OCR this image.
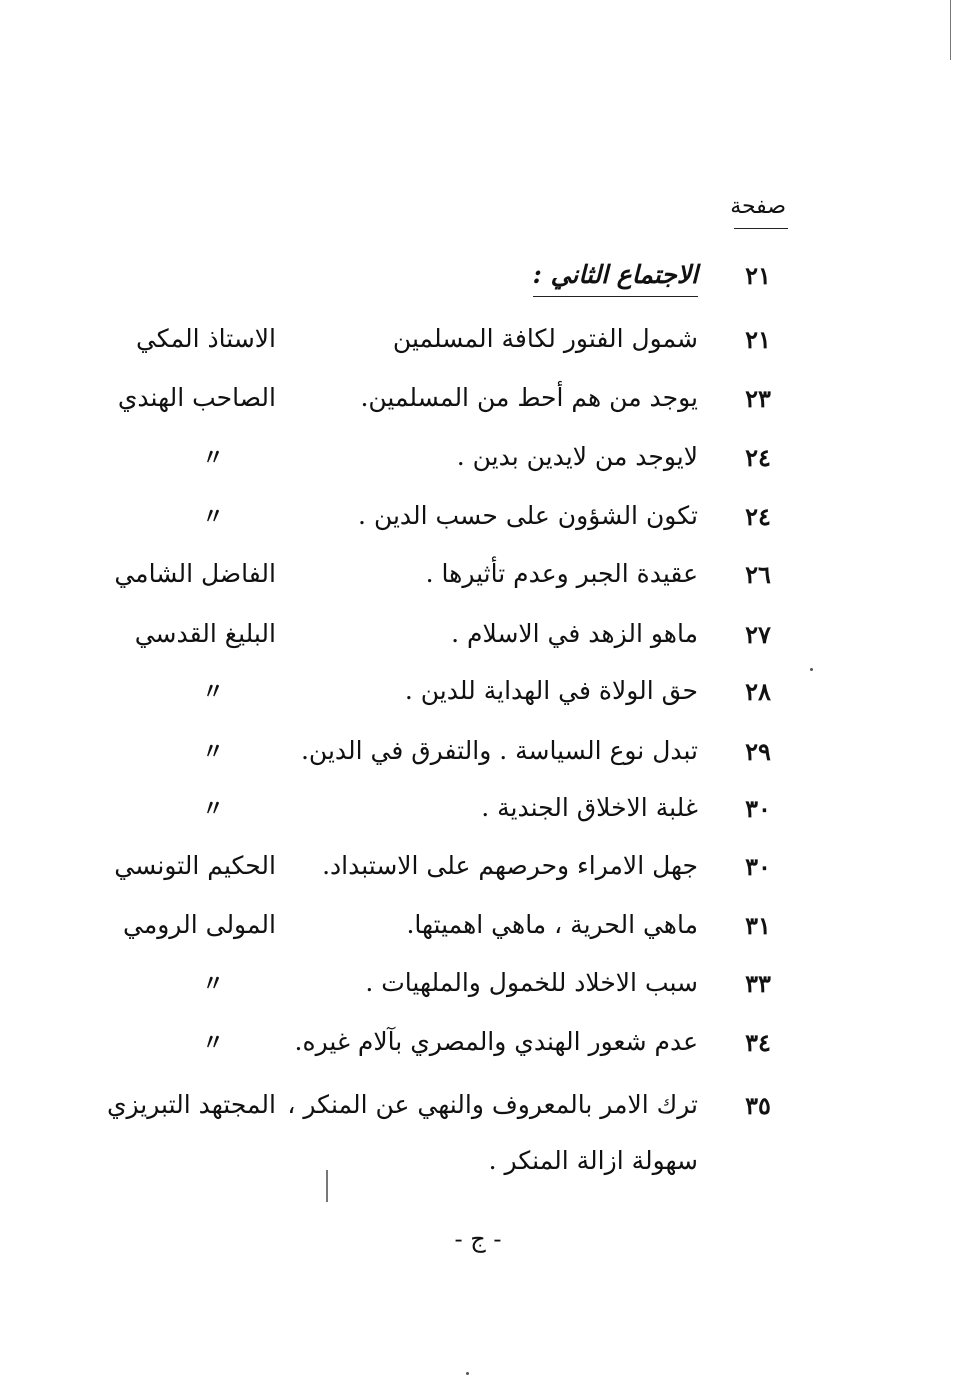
صفحة
٢١
الاجتماع الثاني :
٢١
شمول الفتور لكافة المسلمين
الاستاذ المكي
٢٣
يوجد من هم أحط من المسلمين.
الصاحب الهندي
٢٤
لايوجد من لايدين بدين .
〃
٢٤
تكون الشؤون على حسب الدين .
〃
٢٦
عقيدة الجبر وعدم تأثيرها .
الفاضل الشامي
٢٧
ماهو الزهد في الاسلام .
البليغ القدسي
٢٨
حق الولاة في الهداية للدين .
〃
٢٩
تبدل نوع السياسة . والتفرق في الدين.
〃
٣٠
غلبة الاخلاق الجندية .
〃
٣٠
جهل الامراء وحرصهم على الاستبداد.
الحكيم التونسي
٣١
ماهي الحرية ، ماهي اهميتها.
المولى الرومي
٣٣
سبب الاخلاد للخمول والملهيات .
〃
٣٤
عدم شعور الهندي والمصري بآلام غيره.
〃
٣٥
ترك الامر بالمعروف والنهي عن المنكر ،
المجتهد التبريزي
سهولة ازالة المنكر .
- ج -
